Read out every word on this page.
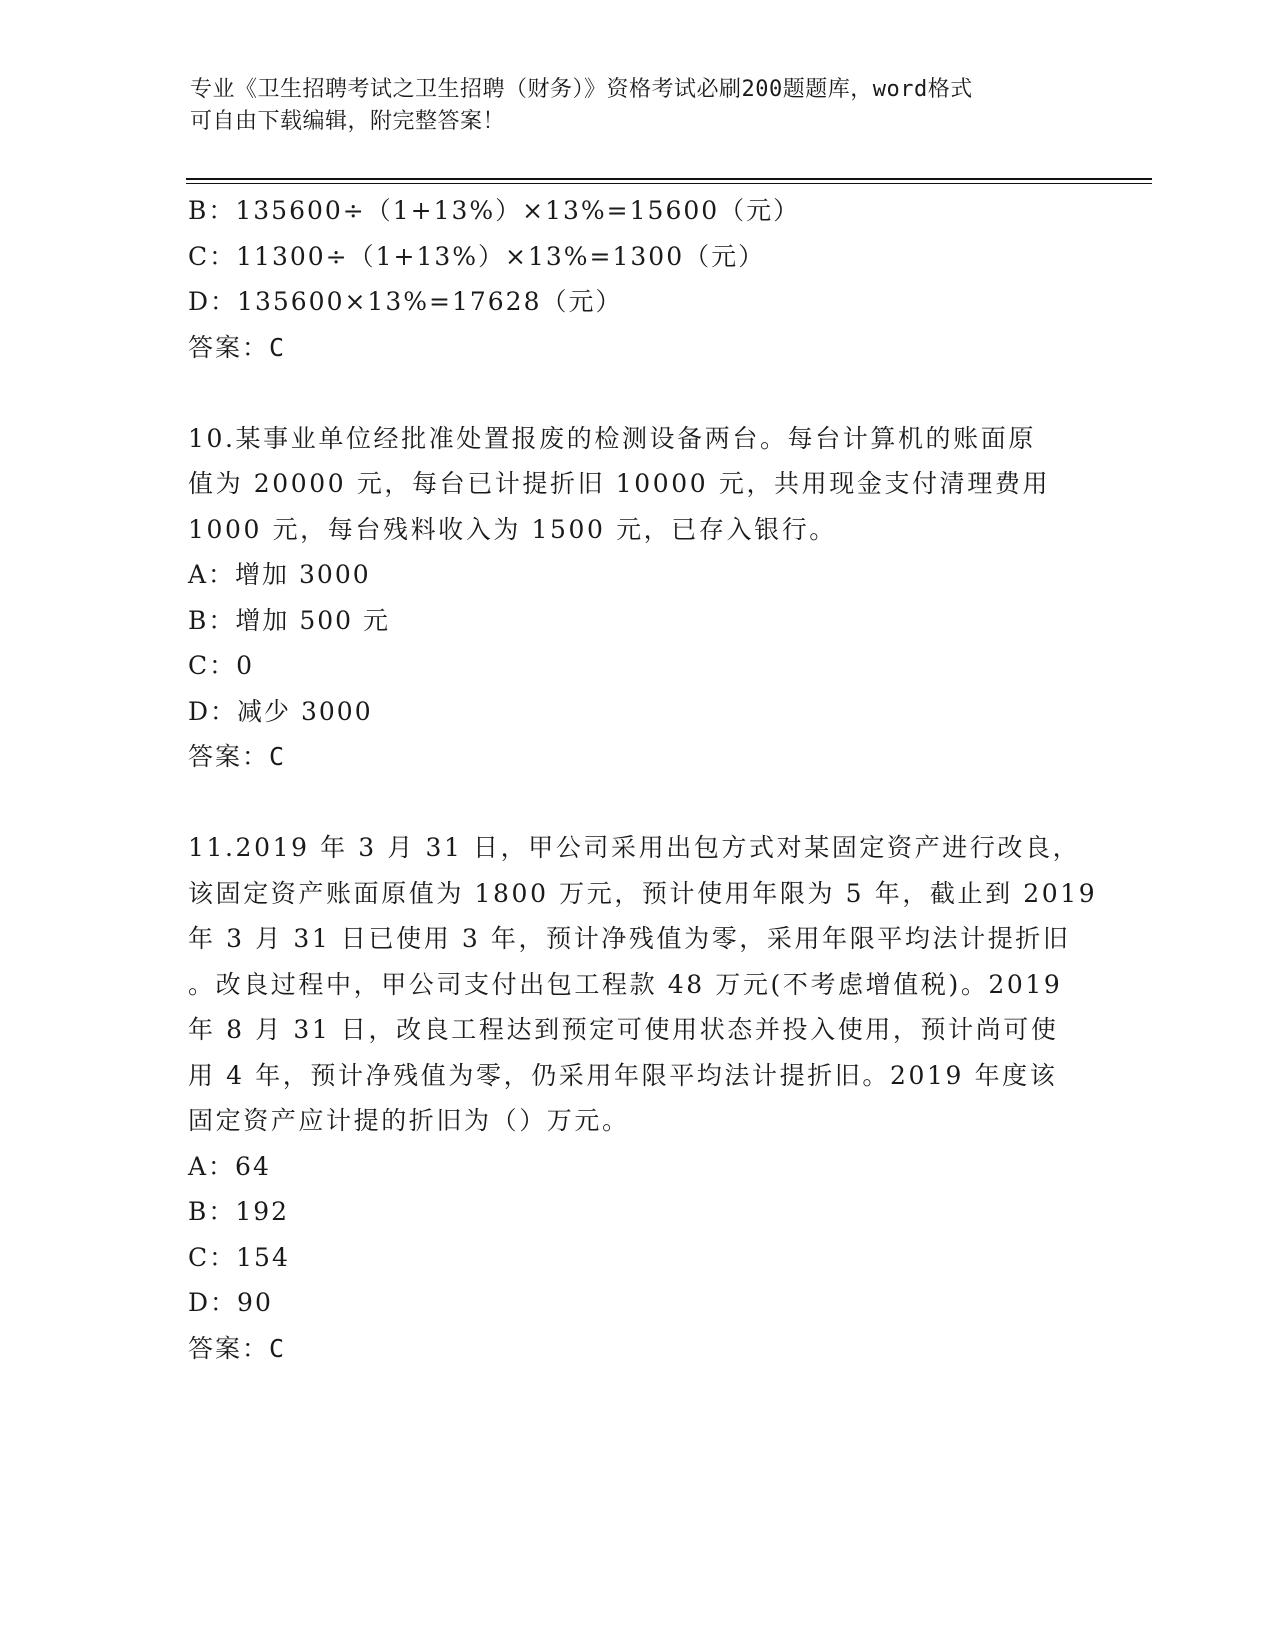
专业《卫生招聘考试之卫生招聘（财务）》资格考试必刷200题题库，word格式
可自由下载编辑，附完整答案！
B：135600÷（1+13%）×13%=15600（元）
C：11300÷（1+13%）×13%=1300（元）
D：135600×13%=17628（元）
答案：C
10.某事业单位经批准处置报废的检测设备两台。每台计算机的账面原
值为 20000 元，每台已计提折旧 10000 元，共用现金支付清理费用
1000 元，每台残料收入为 1500 元，已存入银行。
A：增加 3000
B：增加 500 元
C：0
D：减少 3000
答案：C
11.2019 年 3 月 31 日，甲公司采用出包方式对某固定资产进行改良，
该固定资产账面原值为 1800 万元，预计使用年限为 5 年，截止到 2019
年 3 月 31 日已使用 3 年，预计净残值为零，采用年限平均法计提折旧
。改良过程中，甲公司支付出包工程款 48 万元(不考虑增值税)。2019
年 8 月 31 日，改良工程达到预定可使用状态并投入使用，预计尚可使
用 4 年，预计净残值为零，仍采用年限平均法计提折旧。2019 年度该
固定资产应计提的折旧为（）万元。
A：64
B：192
C：154
D：90
答案：C
